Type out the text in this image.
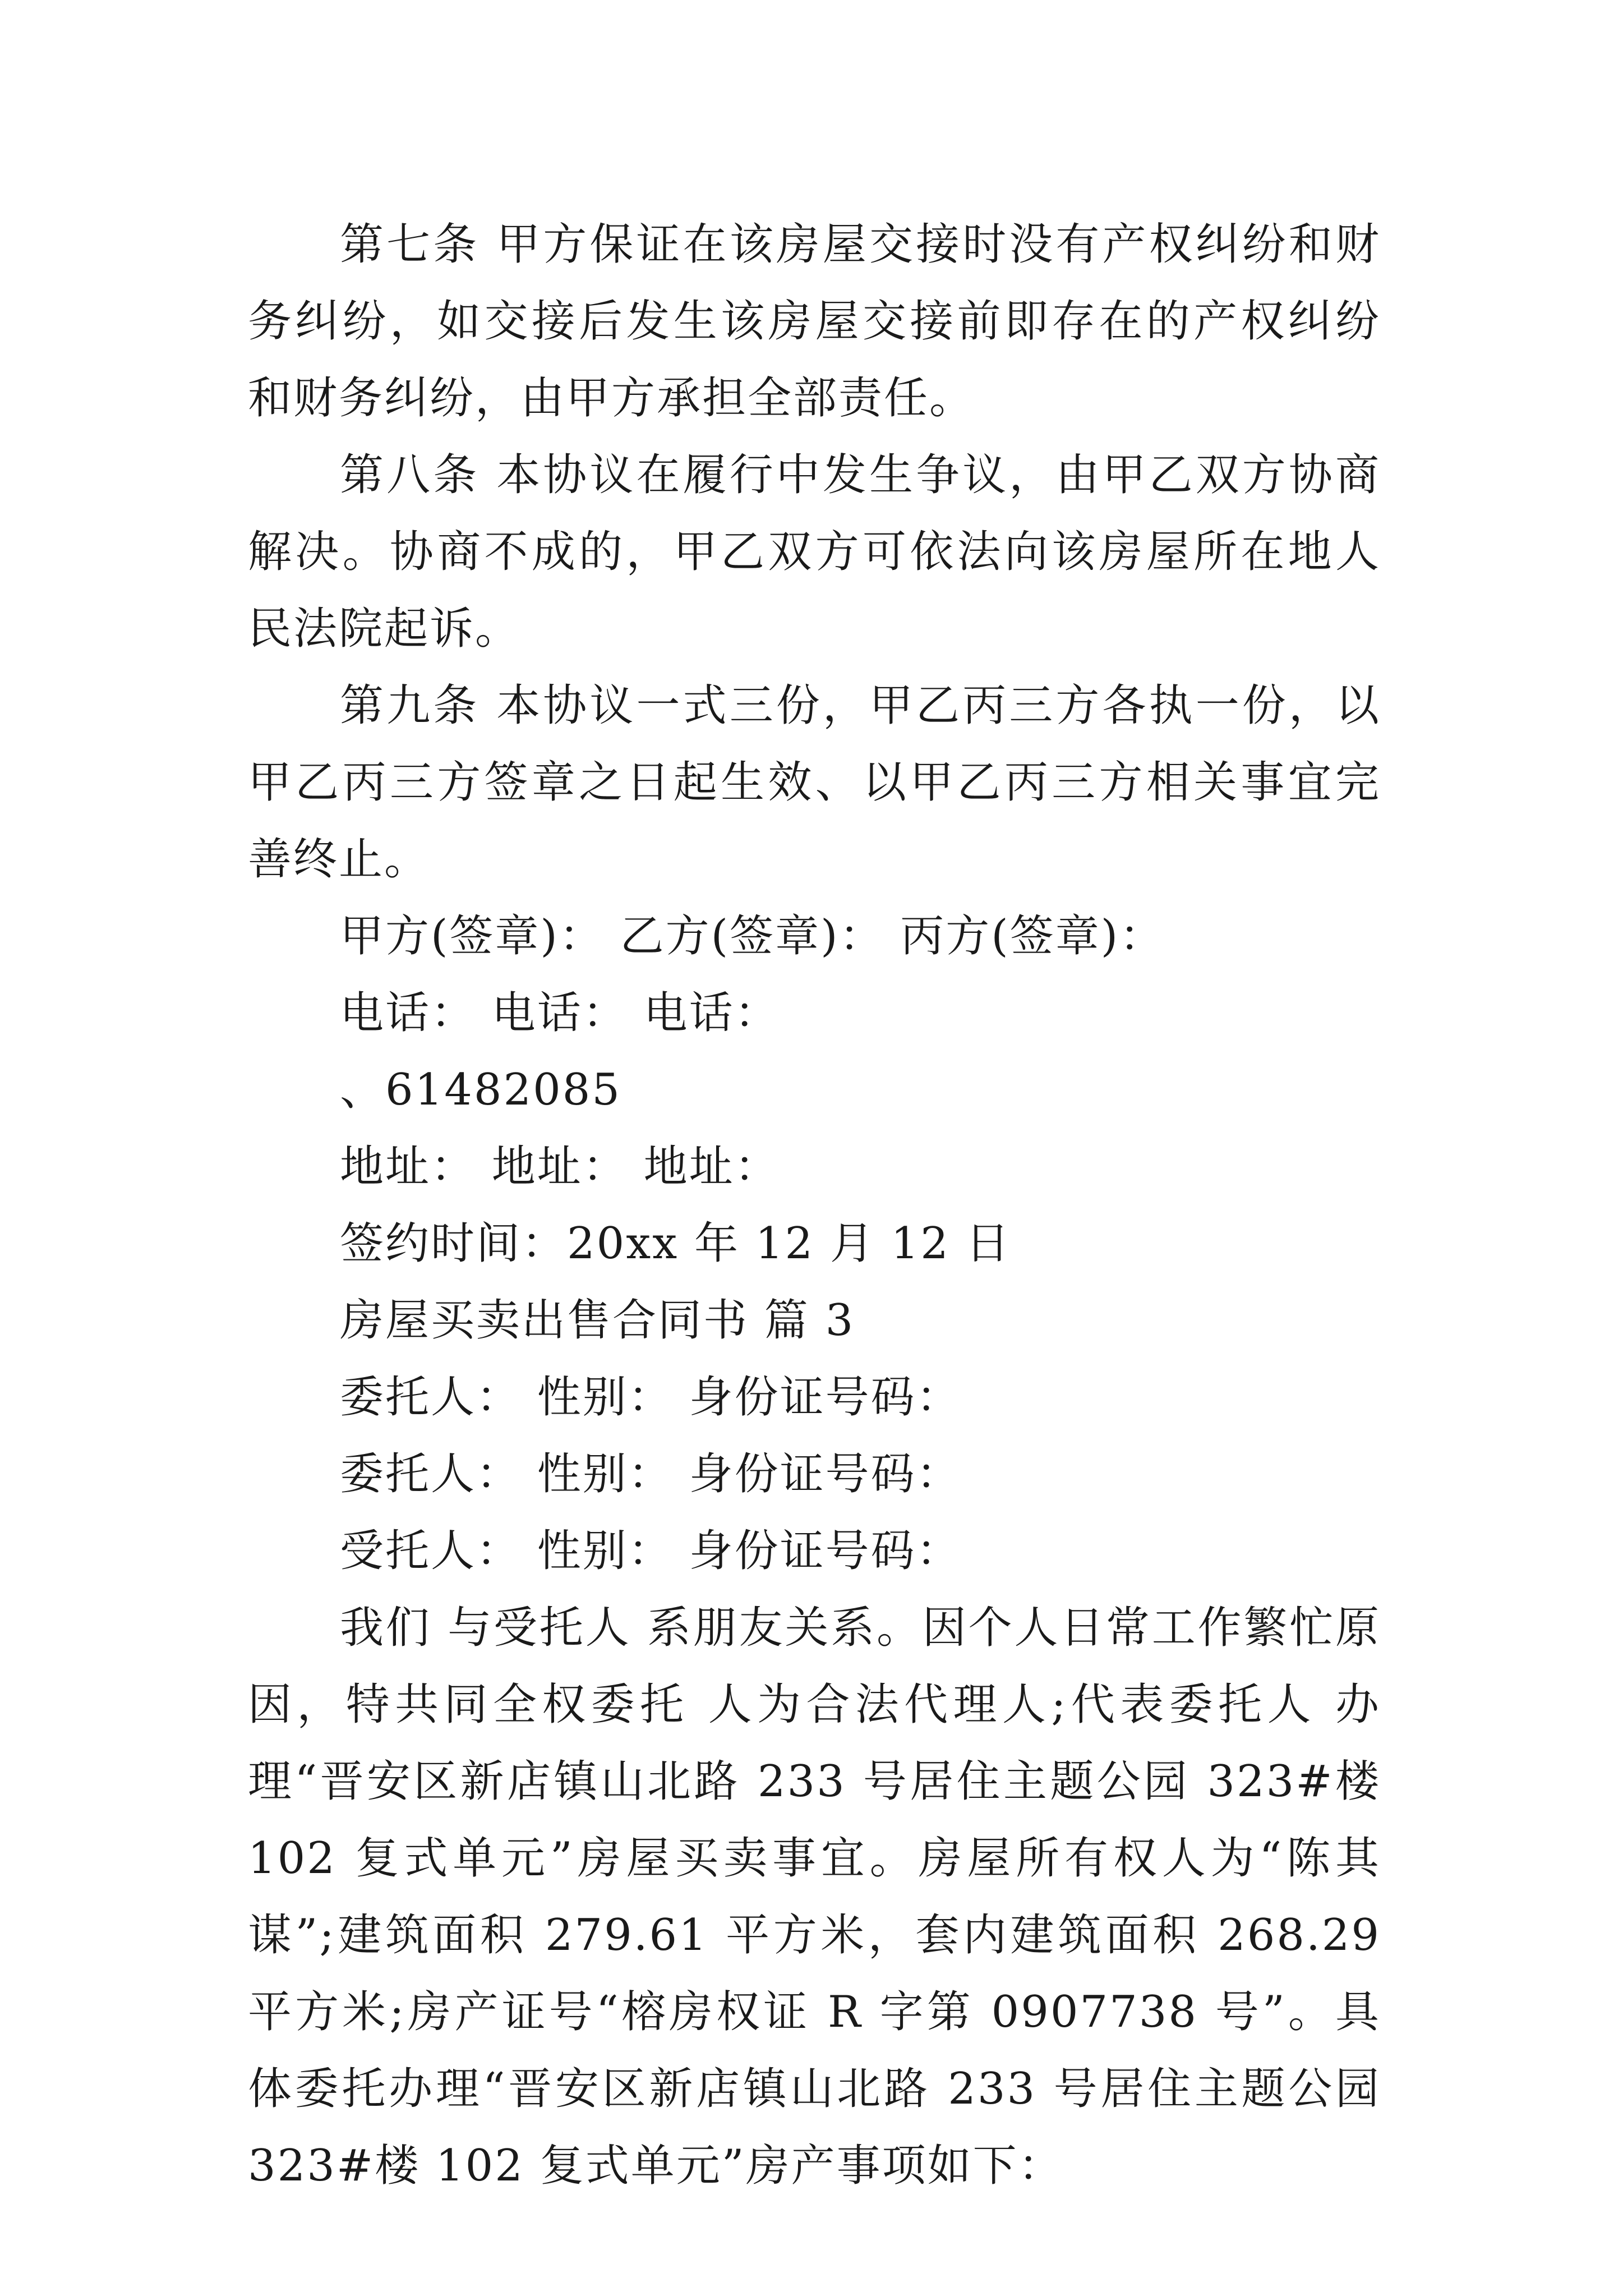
第七条 甲方保证在该房屋交接时没有产权纠纷和财务纠纷，如交接后发生该房屋交接前即存在的产权纠纷和财务纠纷，由甲方承担全部责任。

第八条 本协议在履行中发生争议，由甲乙双方协商解决。协商不成的，甲乙双方可依法向该房屋所在地人民法院起诉。

第九条 本协议一式三份，甲乙丙三方各执一份，以甲乙丙三方签章之日起生效、以甲乙丙三方相关事宜完善终止。

甲方(签章)： 乙方(签章)： 丙方(签章)：

电话： 电话： 电话：

、61482085

地址： 地址： 地址：

签约时间：20xx 年 12 月 12 日

房屋买卖出售合同书 篇 3

委托人： 性别： 身份证号码：

委托人： 性别： 身份证号码：

受托人： 性别： 身份证号码：

我们 与受托人 系朋友关系。因个人日常工作繁忙原因，特共同全权委托 人为合法代理人;代表委托人 办理“晋安区新店镇山北路 233 号居住主题公园 323#楼 102 复式单元”房屋买卖事宜。房屋所有权人为“陈其谋”;建筑面积 279.61 平方米，套内建筑面积 268.29 平方米;房产证号“榕房权证 R 字第 0907738 号”。具体委托办理“晋安区新店镇山北路 233 号居住主题公园 323#楼 102 复式单元”房产事项如下：
